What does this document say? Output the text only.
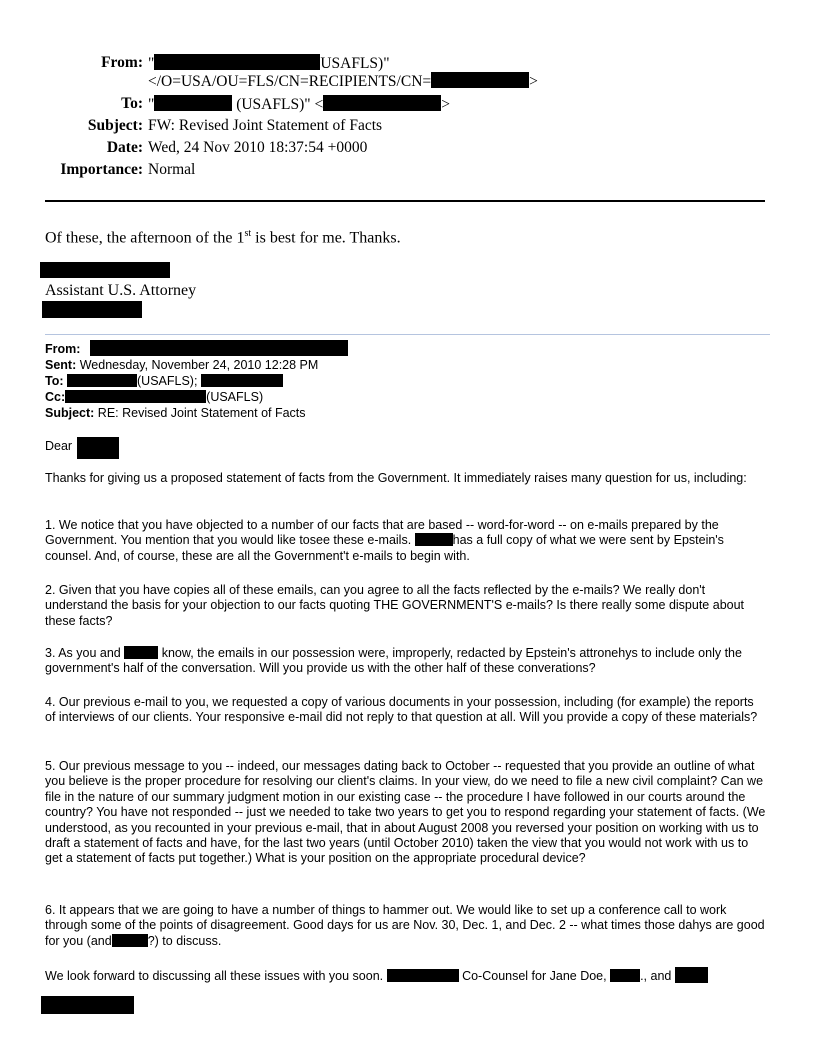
From: "	USAFLS)"
</O=USA/OU=FLS/CN=RECIPIENTS/CN=	>
To: "	(USAFLS)" <	>
Subject: FW: Revised Joint Statement of Facts
Date: Wed, 24 Nov 2010 18:37:54 +0000
Importance: Normal
Of these, the afternoon of the 1st is best for me. Thanks.
Assistant U.S. Attorney
From:
Sent: Wednesday, November 24, 2010 12:28 PM
To:	(USAFLS);
Cc:	(USAFLS)
Subject: RE: Revised Joint Statement of Facts
Dear
Thanks for giving us a proposed statement of facts from the Government. It immediately raises many question for us, including:
1. We notice that you have objected to a number of our facts that are based -- word-for-word -- on e-mails prepared by the Government. You mention that you would like tosee these e-mails.	has a full copy of what we were sent by Epstein's counsel. And, of course, these are all the Government't e-mails to begin with.
2. Given that you have copies all of these emails, can you agree to all the facts reflected by the e-mails? We really don't understand the basis for your objection to our facts quoting THE GOVERNMENT'S e-mails? Is there really some dispute about these facts?
3. As you and	know, the emails in our possession were, improperly, redacted by Epstein's attronehys to include only the government's half of the conversation. Will you provide us with the other half of these converations?
4. Our previous e-mail to you, we requested a copy of various documents in your possession, including (for example) the reports of interviews of our clients. Your responsive e-mail did not reply to that question at all. Will you provide a copy of these materials?
5. Our previous message to you -- indeed, our messages dating back to October -- requested that you provide an outline of what you believe is the proper procedure for resolving our client's claims. In your view, do we need to file a new civil complaint? Can we file in the nature of our summary judgment motion in our existing case -- the procedure I have followed in our courts around the country? You have not responded -- just we needed to take two years to get you to respond regarding your statement of facts. (We understood, as you recounted in your previous e-mail, that in about August 2008 you reversed your position on working with us to draft a statement of facts and have, for the last two years (until October 2010) taken the view that you would not work with us to get a statement of facts put together.) What is your position on the appropriate procedural device?
6. It appears that we are going to have a number of things to hammer out. We would like to set up a conference call to work through some of the points of disagreement. Good days for us are Nov. 30, Dec. 1, and Dec. 2 -- what times those dahys are good for you (and	?) to discuss.
We look forward to discussing all these issues with you soon.	Co-Counsel for Jane Doe, ., and
